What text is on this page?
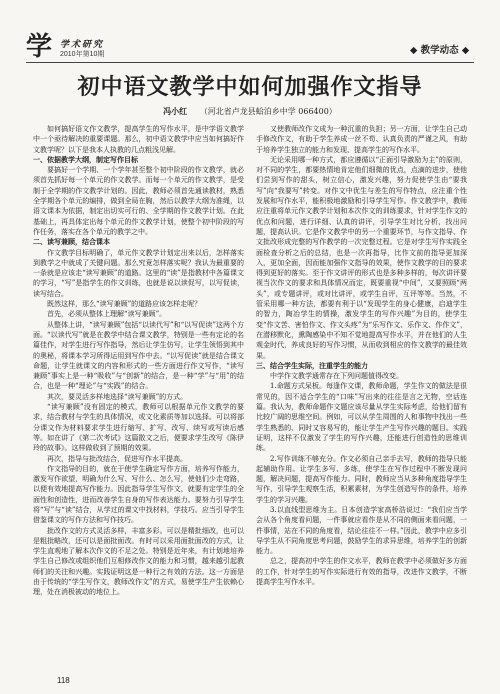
学 学术研究
2010年第10期	◆ 教学动态 ◆
初中语文教学中如何加强作文指导
冯小红 （河北省卢龙县蛤泊乡中学 066400）

如何搞好语文作文教学，提高学生的写作水平，是中学语文教学中一个亟待解决的重要课题。那么，初中语文教学中应当如何搞好作文教学呢？以下是我本人执教的几点粗浅见解。

一、依据教学大纲，制定写作目标

要搞好一个学期、一个学年甚至整个初中阶段的作文教学，就必须首先抓好每一个单元的作文教学。而每一个单元的作文教学，是受制于全学期的作文教学计划的。因此，教师必须首先通读教材，熟悉全学期各个单元的编排，做到全局在胸，然后以教学大纲为准绳，以语文课本为依据，制定出切实可行的、全学期的作文教学计划。在此基础上，再具体定出每个单元的作文教学计划，使整个初中阶段的写作任务，落实在各个单元的教学之中。

二、读写兼顾，结合课本

作文教学目标明确了，单元作文教学计划定出来以后，怎样落实到教学之中就成了关键问题。那么究竟怎样落实呢？我认为最重要的一条就是应该走“读写兼顾”的道路。这里的“读”是指教材中各篇课文的学习，“写”是指学生的作文训练，也就是说以读促写，以写促读，读写结合。

既然这样，那么“读写兼顾”的道路应该怎样走呢？

首先，必须从整体上理解“读写兼顾”。

从整体上讲，“读写兼顾”包括“以读代写”和“以写促读”这两个方面。“以读代写”就是在教学中结合课文教学，特别是一些有定论的名篇佳作，对学生进行写作指导，然后让学生仿写，让学生领悟到其中的奥秘，将课本学习所得运用到写作中去。“以写促读”就是结合课文命题，让学生就课文的内容和形式的一些方面进行作文写作，“读写兼顾”事实上是一种“吸收”与“创新”的结合，是一种“学”与“用”的结合，也是一种“理论”与“实践”的结合。

其次，要灵活多样地选择“读写兼顾”的方式。

“读写兼顾”没有固定的模式，教师可以根据单元作文教学的要求，结合教材与学生的具体情况，或文化素质等加以选择。可以将部分课文作为材料要求学生进行缩写、扩写、改写、续写或写读后感等。如在讲了《第二次考试》这篇散文之后，便要求学生改写《陈伊玲的故事》。这样做收到了预期的效果。

再次，指导与批改结合，促进写作水平提高。

作文指导的目的，就在于使学生确定写作方面，培养写作能力，激发写作欲望，明确为什么写、写什么、怎么写，使他们少走弯路，以便有效地提高写作能力。因此指导学生写作文，就要有定学生的全面性和创造性，进而改善学生自身的写作表达能力。要努力引导学生将“写”与“读”结合，从学过的课文中找材料，学技巧。应当引导学生借鉴课文的写作方法和写作技巧。

批改作文的方式灵活多样，丰富多彩。可以是精批细改，也可以是粗批略改，还可以是面批面改。有时可以采用面批面改的方式，让学生直观地了解本次作文的不足之处。特别是近年来，有计划地培养学生自己修改或组织他们互相修改作文的能力和习惯，越来越引起教师们的关注和兴趣。实践证明这是一种行之有效的方法。这一方面是由于传统的“学生写作文，教师改作文”的方式，易使学生产生依赖心理，处在消极被动的地位上。

又使教师改作文成为一种沉重的负担；另一方面，让学生自己动手修改作文，有助于学生养成一丝不苟、认真负责的严谨之风，有助于培养学生独立的能力和发现、提高学生的写作水平。

无论采用哪一种方式，都应遵循以“正面引导激励为主”的原则，对不同的学生，都要热情地肯定他们细微的优点，点滴的进步，使他们尝到写作的甜头，树立信心，激发兴趣，努力促使学生由“要我写”向“我要写”转变。对作文中优生与差生的写作特点，应注重个性发展和写作水平，能积极地激励和引导学生写作。作文教学中，教师应注重将单元作文教学计划和本次作文的训练要求，针对学生作文的优点和问题，进行详细、认真的讲评，引导学生对比分析，找出问题，提高认识。它是作文教学中的另一个重要环节，与作文指导、作文批改形成完整的写作教学的一次完整过程。它是对学生写作实践全面检查分析之后的总结，也是一次再指导，比作文前的指导更加深入，更加全面，因而能加强作文指导的效果，使作文教学的目的要求得到更好的落实。至于作文讲评的形式也是多种多样的，每次讲评要视当次作文的要求和具体情况而定，既要重视“中间”，又要照顾“两头”，或专题讲评，或对比讲评，或学生自评，互评等等。当然，不管采用哪一种方法，都要有利于以“发现学生的身心健康，启迪学生的智力，陶冶学生的情操，激发学生的写作兴趣”为目的，使学生变“作文苦、害怕作文、作文头疼”为“乐写作文、乐作文、作作文”，在潜移默化，熏陶感染中不知不觉地提高写作水平，并在他们的人生观金时代，养成良好的写作习惯，从而收到相应的作文教学的最佳效果。

三、结合学生实际，注重学生的能力

中学作文教学通常存在下列问题值得改变。

1.命题方式呆板。每逢作文课，教师命题，学生作文的做法是很常见的，因不适合学生的“口味”写出来的往往是言之无物，空话连篇。我认为，教师命题作文题应该尽量从学生实际考虑，给他们留有比较广阔的思维空间。例如，可以从学生周围的人和事物中找出一些学生熟悉的、同时又容易写的，能让学生产生写作兴趣的题目。实践证明，这样不仅激发了学生的写作兴趣，还能进行创造性的思维训练。

2.写作训练不够充分。作文必须自己亲手去写，教师的指导只能起辅助作用。让学生多写、多练，使学生在写作过程中不断发现问题，解决问题，提高写作能力。同时，教师应当从多种角度指导学生写作，引导学生观察生活，积累素材，为学生创造写作的条件，培养学生的学习兴趣。

3.以直线型思维为主。日本创造学家高桥浩说过：“我们应当学会从各个角度看问题，一件事就应看作是从不同的侧面来看问题，一件事情，站在不同的角度看，结论往往不一样。”因此，教学中应多引导学生从不同角度思考问题，鼓励学生的求异思维，培养学生的创新能力。

总之，提高初中学生的作文水平，教师在教学中必须做好多方面的工作，针对学生的写作实际进行有效的指导，改进作文教学，不断提高学生写作水平。

118
